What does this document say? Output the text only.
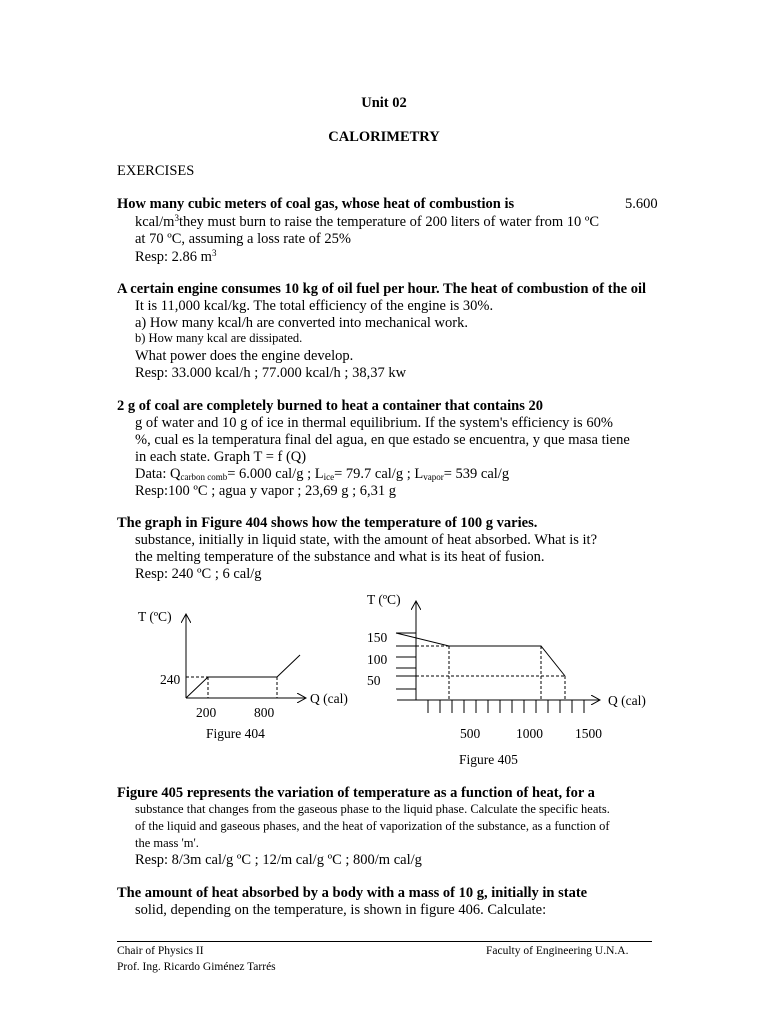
Unit 02
CALORIMETRY
EXERCISES
How many cubic meters of coal gas, whose heat of combustion is	5.600
kcal/$m^3they$ must burn to raise the temperature of 200 liters of water from 10 ºC
at 70 ºC, assuming a loss rate of 25%
Resp: 2.86 $m^3$
A certain engine consumes 10 kg of oil fuel per hour. The heat of combustion of the oil
It is 11,000 kcal/kg. The total efficiency of the engine is 30%.
a) How many kcal/h are converted into mechanical work.
b) How many kcal are dissipated.
What power does the engine develop.
Resp: 33.000 kcal/h ; 77.000 kcal/h ; 38,37 kw
2 g of coal are completely burned to heat a container that contains 20
g of water and 10 g of ice in thermal equilibrium. If the system's efficiency is 60%
%, cual es la temperatura final del agua, en que estado se encuentra, y que masa tiene
in each state. Graph T = f (Q)
Data: $Q_{carbon comb}= 6.000$ cal/g ; $L_{ice}= 79.7$ cal/g ; $L_{vapor}= 539$ cal/g
Resp:100 ºC ; agua y vapor ; 23,69 g ; 6,31 g
The graph in Figure 404 shows how the temperature of 100 g varies.
substance, initially in liquid state, with the amount of heat absorbed. What is it?
the melting temperature of the substance and what is its heat of fusion.
Resp: 240 ºC ; 6 cal/g
T (ºC)
Q (cal)
240
200	800
Figure 404
T (ºC)
Q (cal)
150
100
50
500	1000 1500
Figure 405
Figure 405 represents the variation of temperature as a function of heat, for a
substance that changes from the gaseous phase to the liquid phase. Calculate the specific heats.
of the liquid and gaseous phases, and the heat of vaporization of the substance, as a function of
the mass 'm'.
Resp: 8/3m cal/g ºC ; 12/m cal/g ºC ; 800/m cal/g
The amount of heat absorbed by a body with a mass of 10 g, initially in state
solid, depending on the temperature, is shown in figure 406. Calculate:
Chair of Physics II	Faculty of Engineering U.N.A.
Prof. Ing. Ricardo Giménez Tarrés
